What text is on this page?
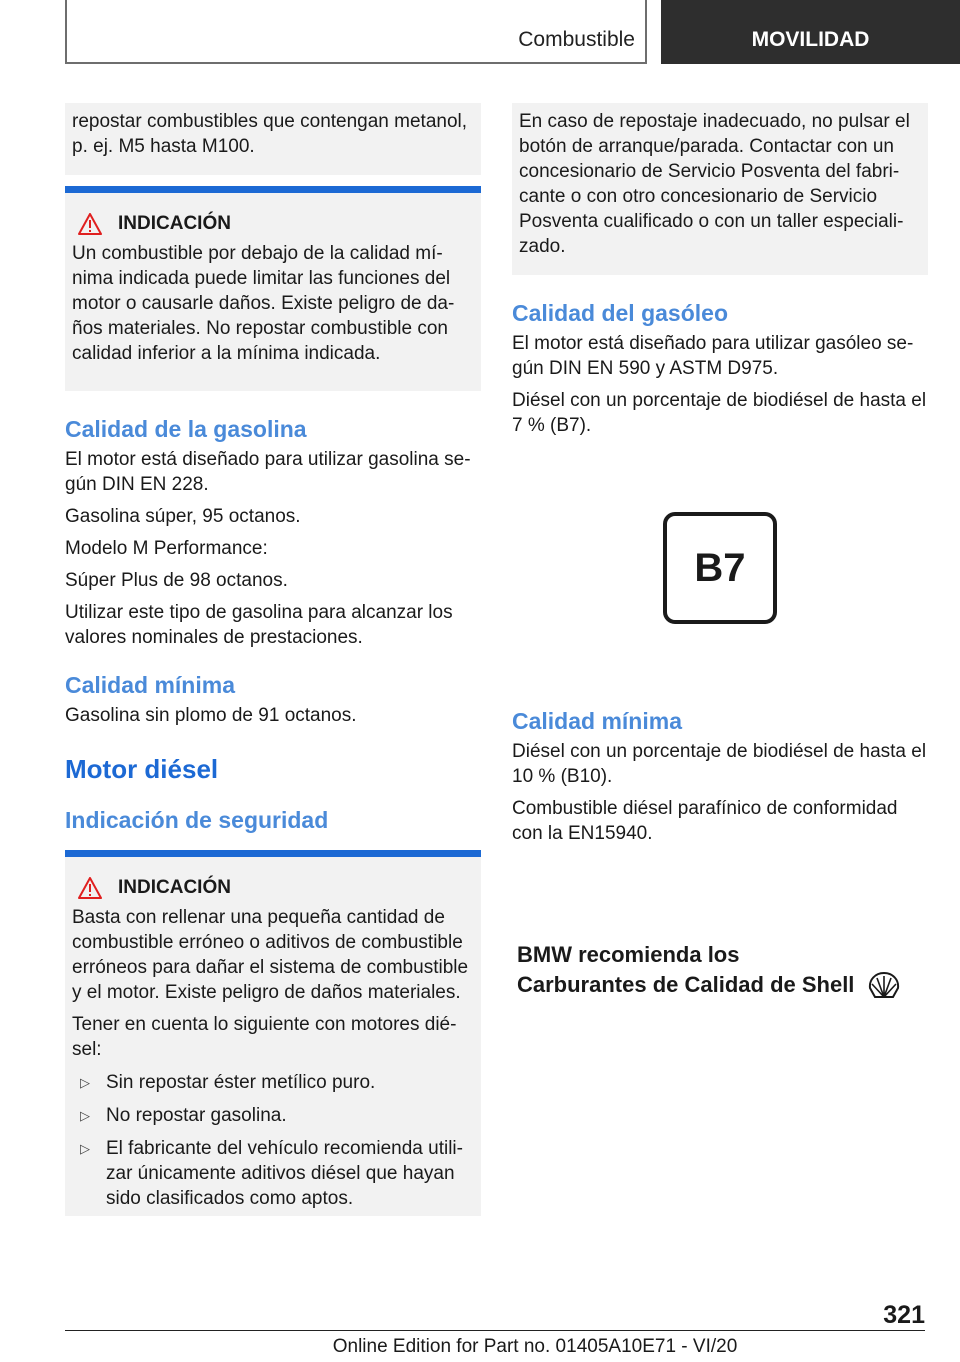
Combustible	MOVILIDAD

repostar combustibles que contengan metanol, p. ej. M5 hasta M100.

INDICACIÓN

Un combustible por debajo de la calidad mínima indicada puede limitar las funciones del motor o causarle daños. Existe peligro de daños materiales. No repostar combustible con calidad inferior a la mínima indicada.

Calidad de la gasolina

El motor está diseñado para utilizar gasolina según DIN EN 228.

Gasolina súper, 95 octanos.

Modelo M Performance:

Súper Plus de 98 octanos.

Utilizar este tipo de gasolina para alcanzar los valores nominales de prestaciones.

Calidad mínima

Gasolina sin plomo de 91 octanos.

Motor diésel
Indicación de seguridad
INDICACIÓN

Basta con rellenar una pequeña cantidad de combustible erróneo o aditivos de combustible erróneos para dañar el sistema de combustible y el motor. Existe peligro de daños materiales.

Tener en cuenta lo siguiente con motores diésel:

▷ Sin repostar éster metílico puro.
▷ No repostar gasolina.
▷ El fabricante del vehículo recomienda utilizar únicamente aditivos diésel que hayan sido clasificados como aptos.

En caso de repostaje inadecuado, no pulsar el botón de arranque/parada. Contactar con un concesionario de Servicio Posventa del fabricante o con otro concesionario de Servicio Posventa cualificado o con un taller especializado.

Calidad del gasóleo

El motor está diseñado para utilizar gasóleo según DIN EN 590 y ASTM D975.

Diésel con un porcentaje de biodiésel de hasta el 7 % (B7).

B7
Calidad mínima

Diésel con un porcentaje de biodiésel de hasta el 10 % (B10).

Combustible diésel parafínico de conformidad con la EN15940.

BMW recomienda los
Carburantes de Calidad de Shell
321
Online Edition for Part no. 01405A10E71 - VI/20
